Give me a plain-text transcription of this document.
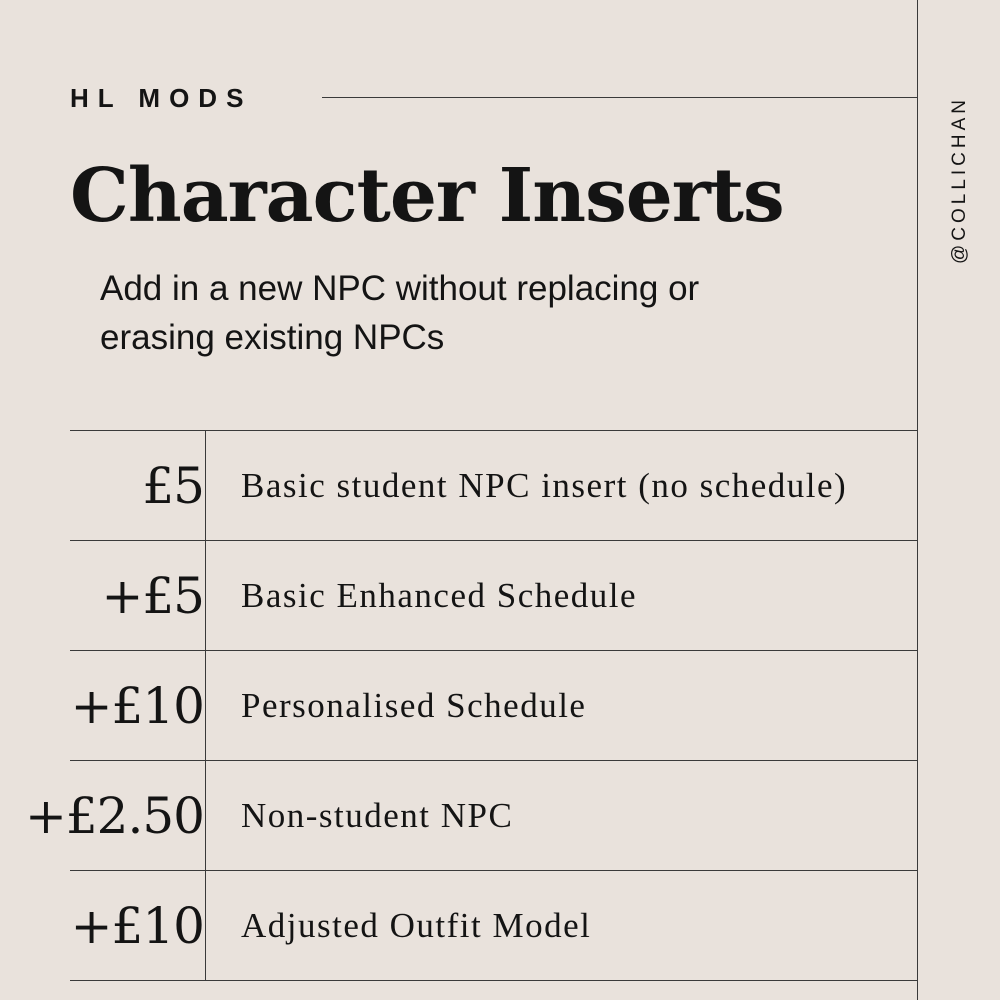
HL MODS	@COLLICHAN
Character Inserts

Add in a new NPC without replacing or erasing existing NPCs

£5 Basic student NPC insert (no schedule)
+£5 Basic Enhanced Schedule
+£10 Personalised Schedule
+£2.50 Non-student NPC
+£10 Adjusted Outfit Model
